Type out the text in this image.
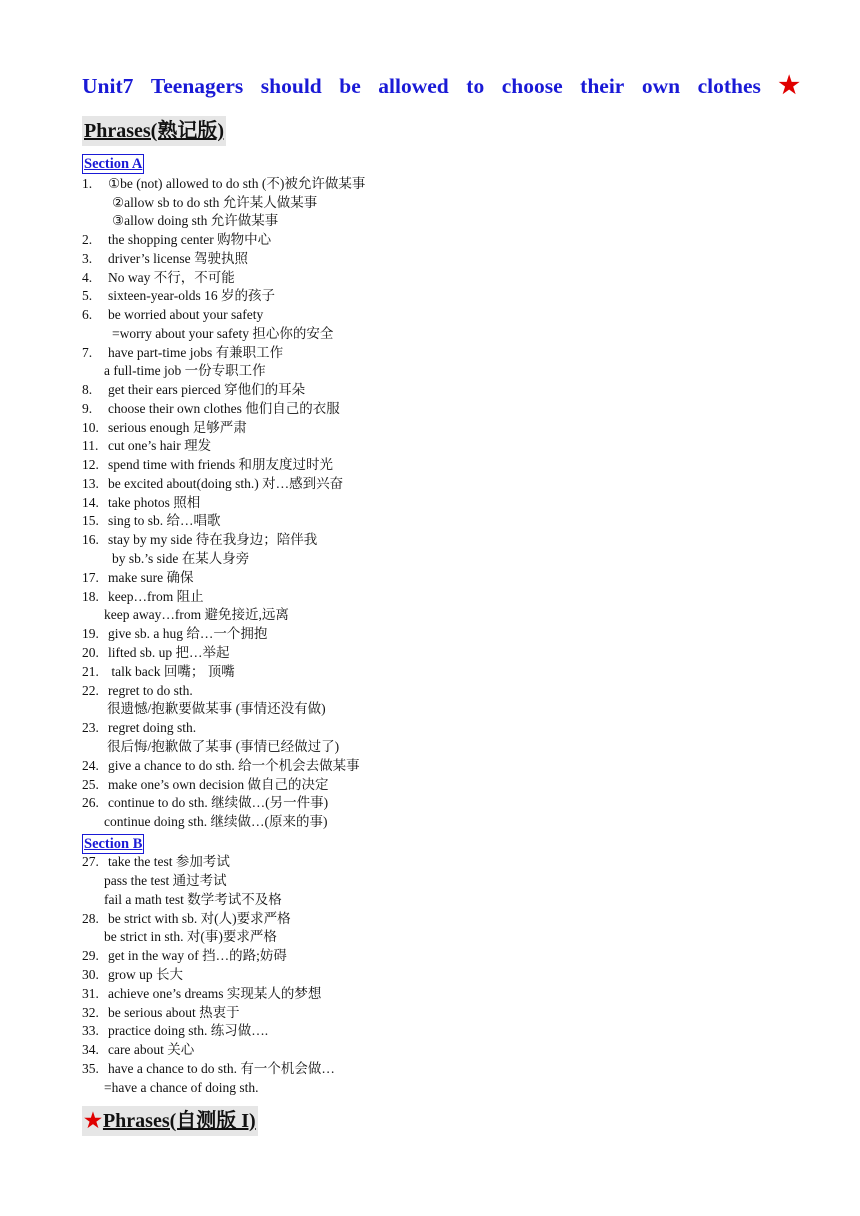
Unit7 Teenagers should be allowed to choose their own clothes ★
Phrases(熟记版)
Section A
1. ①be (not) allowed to do sth (不)被允许做某事
②allow sb to do sth 允许某人做某事
③allow doing sth 允许做某事
2. the shopping center 购物中心
3. driver’s license 驾驶执照
4. No way 不行，不可能
5. sixteen-year-olds 16 岁的孩子
6. be worried about your safety
=worry about your safety 担心你的安全
7. have part-time jobs 有兼职工作
a full-time job 一份专职工作
8. get their ears pierced 穿他们的耳朵
9. choose their own clothes 他们自己的衣服
10. serious enough 足够严肃
11. cut one’s hair 理发
12. spend time with friends 和朋友度过时光
13. be excited about(doing sth.) 对…感到兴奋
14. take photos 照相
15. sing to sb. 给…唱歌
16. stay by my side 待在我身边；陪伴我
by sb.’s side 在某人身旁
17. make sure 确保
18. keep…from 阻止
keep away…from 避免接近,远离
19. give sb. a hug 给…一个拥抱
20. lifted sb. up 把…举起
21. talk back 回嘴； 顶嘴
22. regret to do sth.
很遗憾/抱歉要做某事 (事情还没有做)
23. regret doing sth.
很后悔/抱歉做了某事 (事情已经做过了)
24. give a chance to do sth. 给一个机会去做某事
25. make one’s own decision 做自己的决定
26. continue to do sth. 继续做…(另一件事)
continue doing sth. 继续做…(原来的事)
Section B
27. take the test 参加考试
pass the test 通过考试
fail a math test 数学考试不及格
28. be strict with sb. 对(人)要求严格
be strict in sth. 对(事)要求严格
29. get in the way of 挡…的路;妨碍
30. grow up 长大
31. achieve one’s dreams 实现某人的梦想
32. be serious about 热衷于
33. practice doing sth. 练习做….
34. care about 关心
35. have a chance to do sth. 有一个机会做…
=have a chance of doing sth.
★Phrases(自测版 I)
